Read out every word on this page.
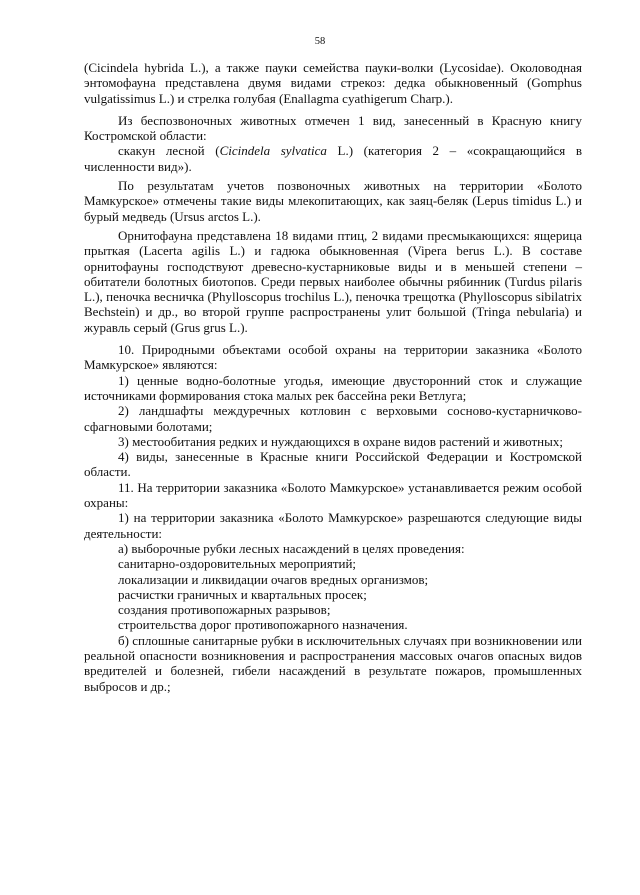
58

(Cicindela hybrida L.), а также пауки семейства пауки-волки (Lycosidae). Околоводная энтомофауна представлена двумя видами стрекоз: дедка обыкновенный (Gomphus vulgatissimus L.) и стрелка голубая (Enallagma cyathigerum Charp.).

Из беспозвоночных животных отмечен 1 вид, занесенный в Красную книгу Костромской области:

скакун лесной (Cicindela sylvatica L.) (категория 2 – «сокращающийся в численности вид»).

По результатам учетов позвоночных животных на территории «Болото Мамкурское» отмечены такие виды млекопитающих, как заяц-беляк (Lepus timidus L.) и бурый медведь (Ursus arctos L.).

Орнитофауна представлена 18 видами птиц, 2 видами пресмыкающихся: ящерица прыткая (Lacerta agilis L.) и гадюка обыкновенная (Vipera berus L.). В составе орнитофауны господствуют древесно-кустарниковые виды и в меньшей степени – обитатели болотных биотопов. Среди первых наиболее обычны рябинник (Turdus pilaris L.), пеночка весничка (Phylloscopus trochilus L.), пеночка трещотка (Phylloscopus sibilatrix Bechstein) и др., во второй группе распространены улит большой (Tringa nebularia) и журавль серый (Grus grus L.).

10. Природными объектами особой охраны на территории заказника «Болото Мамкурское» являются:

1) ценные водно-болотные угодья, имеющие двусторонний сток и служащие источниками формирования стока малых рек бассейна реки Ветлуга;

2) ландшафты междуречных котловин с верховыми сосново-кустарничково-сфагновыми болотами;

3) местообитания редких и нуждающихся в охране видов растений и животных;

4) виды, занесенные в Красные книги Российской Федерации и Костромской области.

11. На территории заказника «Болото Мамкурское» устанавливается режим особой охраны:

1) на территории заказника «Болото Мамкурское» разрешаются следующие виды деятельности:

а) выборочные рубки лесных насаждений в целях проведения:
санитарно-оздоровительных мероприятий;
локализации и ликвидации очагов вредных организмов;
расчистки граничных и квартальных просек;
создания противопожарных разрывов;
строительства дорог противопожарного назначения.

б) сплошные санитарные рубки в исключительных случаях при возникновении или реальной опасности возникновения и распространения массовых очагов опасных видов вредителей и болезней, гибели насаждений в результате пожаров, промышленных выбросов и др.;
